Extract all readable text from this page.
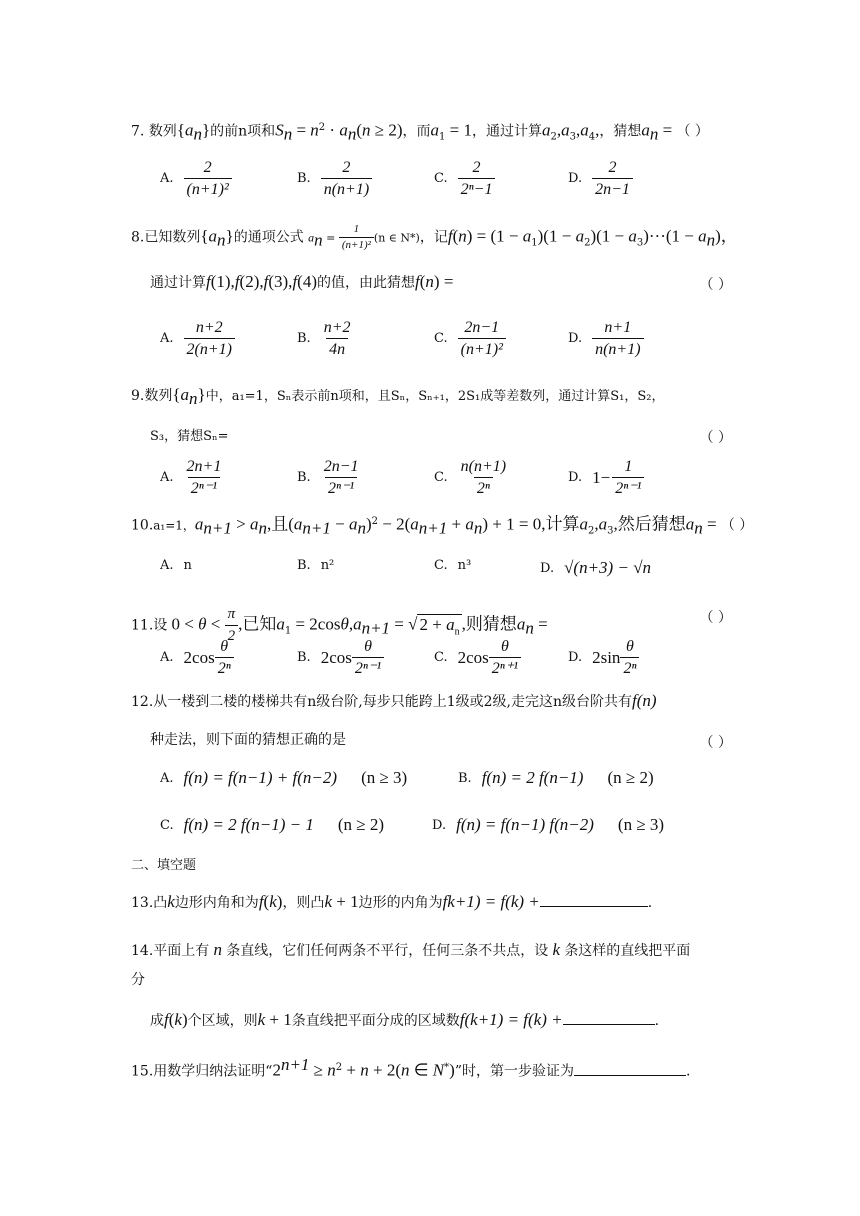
7. 数列$\{a_n\}$的前n项和$S_n = n^2 \cdot a_n(n \ge 2)$，而$a_1 = 1$，通过计算$a_2,a_3,a_4$,，猜想$a_n$ = （ ）
A. $\frac{2}{\text{(n+1)²}}$	B. $\frac{2}{n(n+1)}$	C. $\frac{2}{\text{2ⁿ−1}}$	D. $\frac{2}{2n-1}$
8.已知数列$\{a_n\}$的通项公式 $a_n = \frac{1}{\text{(n+1)²}} (n$ ∈ N*)，记$f(n) = (1 - a_1)(1 - a_2)(1 - a_3)\cdot\cdot\cdot(1 - a_n)$，
通过计算f(1),f(2),f(3),f(4)的值，由此猜想f(n) =	（ ）
A. $\frac{n+2}{2(n+1)}$	B. $\frac{n+2}{4n}$	C. $\frac{2n-1}{\text{(n+1)²}}$	D. $\frac{n+1}{n(n+1)}$
9.数列$\{a_n\}$中，a₁=1，Sₙ表示前n项和，且Sₙ，Sₙ₊₁，2S₁成等差数列，通过计算S₁，S₂，
S₃，猜想Sₙ=	（ ）
A. $\frac{2n+1}{\text{2ⁿ⁻¹}}$	B. $\frac{2n-1}{\text{2ⁿ⁻¹}}$	C. $\frac{n(n+1)}{\text{2ⁿ}}$	D. $1- \frac{1}{\text{2ⁿ⁻¹}}$
10.a₁=1，$a_{n+1} > a_n$,且$(a_{n+1} - a_n)^2 - 2(a_{n+1} + a_n) + 1 = 0$,计算$a_2,a_3$,然后猜想$a_n$ = （ ）
A. n	B. n²	C. n³	D. √(n+3) − √n
11.设 $0 < \theta < \frac{\pi}{2}$ ,已知$a_1 = 2\cos\theta,a_{n+1}$ = √ $2 + a_n$ ,则猜想$a_n$ =	（ ）
A. $2\cos \frac{\theta}{\text{2ⁿ}}$	B. $2\cos \frac{\theta}{\text{2ⁿ⁻¹}}$	C. $2\cos \frac{\theta}{\text{2ⁿ⁺¹}}$	D. $2\sin \frac{\theta}{\text{2ⁿ}}$
12.从一楼到二楼的楼梯共有n级台阶,每步只能跨上1级或2级,走完这n级台阶共有f(n)
种走法，则下面的猜想正确的是	（ ）
A. f(n) = f(n−1) + f(n−2) (n ≥ 3)	B. f(n) = 2 f(n−1) (n ≥ 2)
C. f(n) = 2 f(n−1) − 1 (n ≥ 2)	D. f(n) = f(n−1) f(n−2) (n ≥ 3)
二、填空题
13.凸k边形内角和为f(k)，则凸k + 1边形的内角为fk+1) = f(k) +	.
14.平面上有 n 条直线，它们任何两条不平行，任何三条不共点，设 k 条这样的直线把平面
分
成f(k)个区域，则k + 1条直线把平面分成的区域数f(k+1) = f(k) +	.
15.用数学归纳法证明“$2^{n+1} \ge n^2 + n + 2(n$ ∈ N*)”时，第一步验证为	.
